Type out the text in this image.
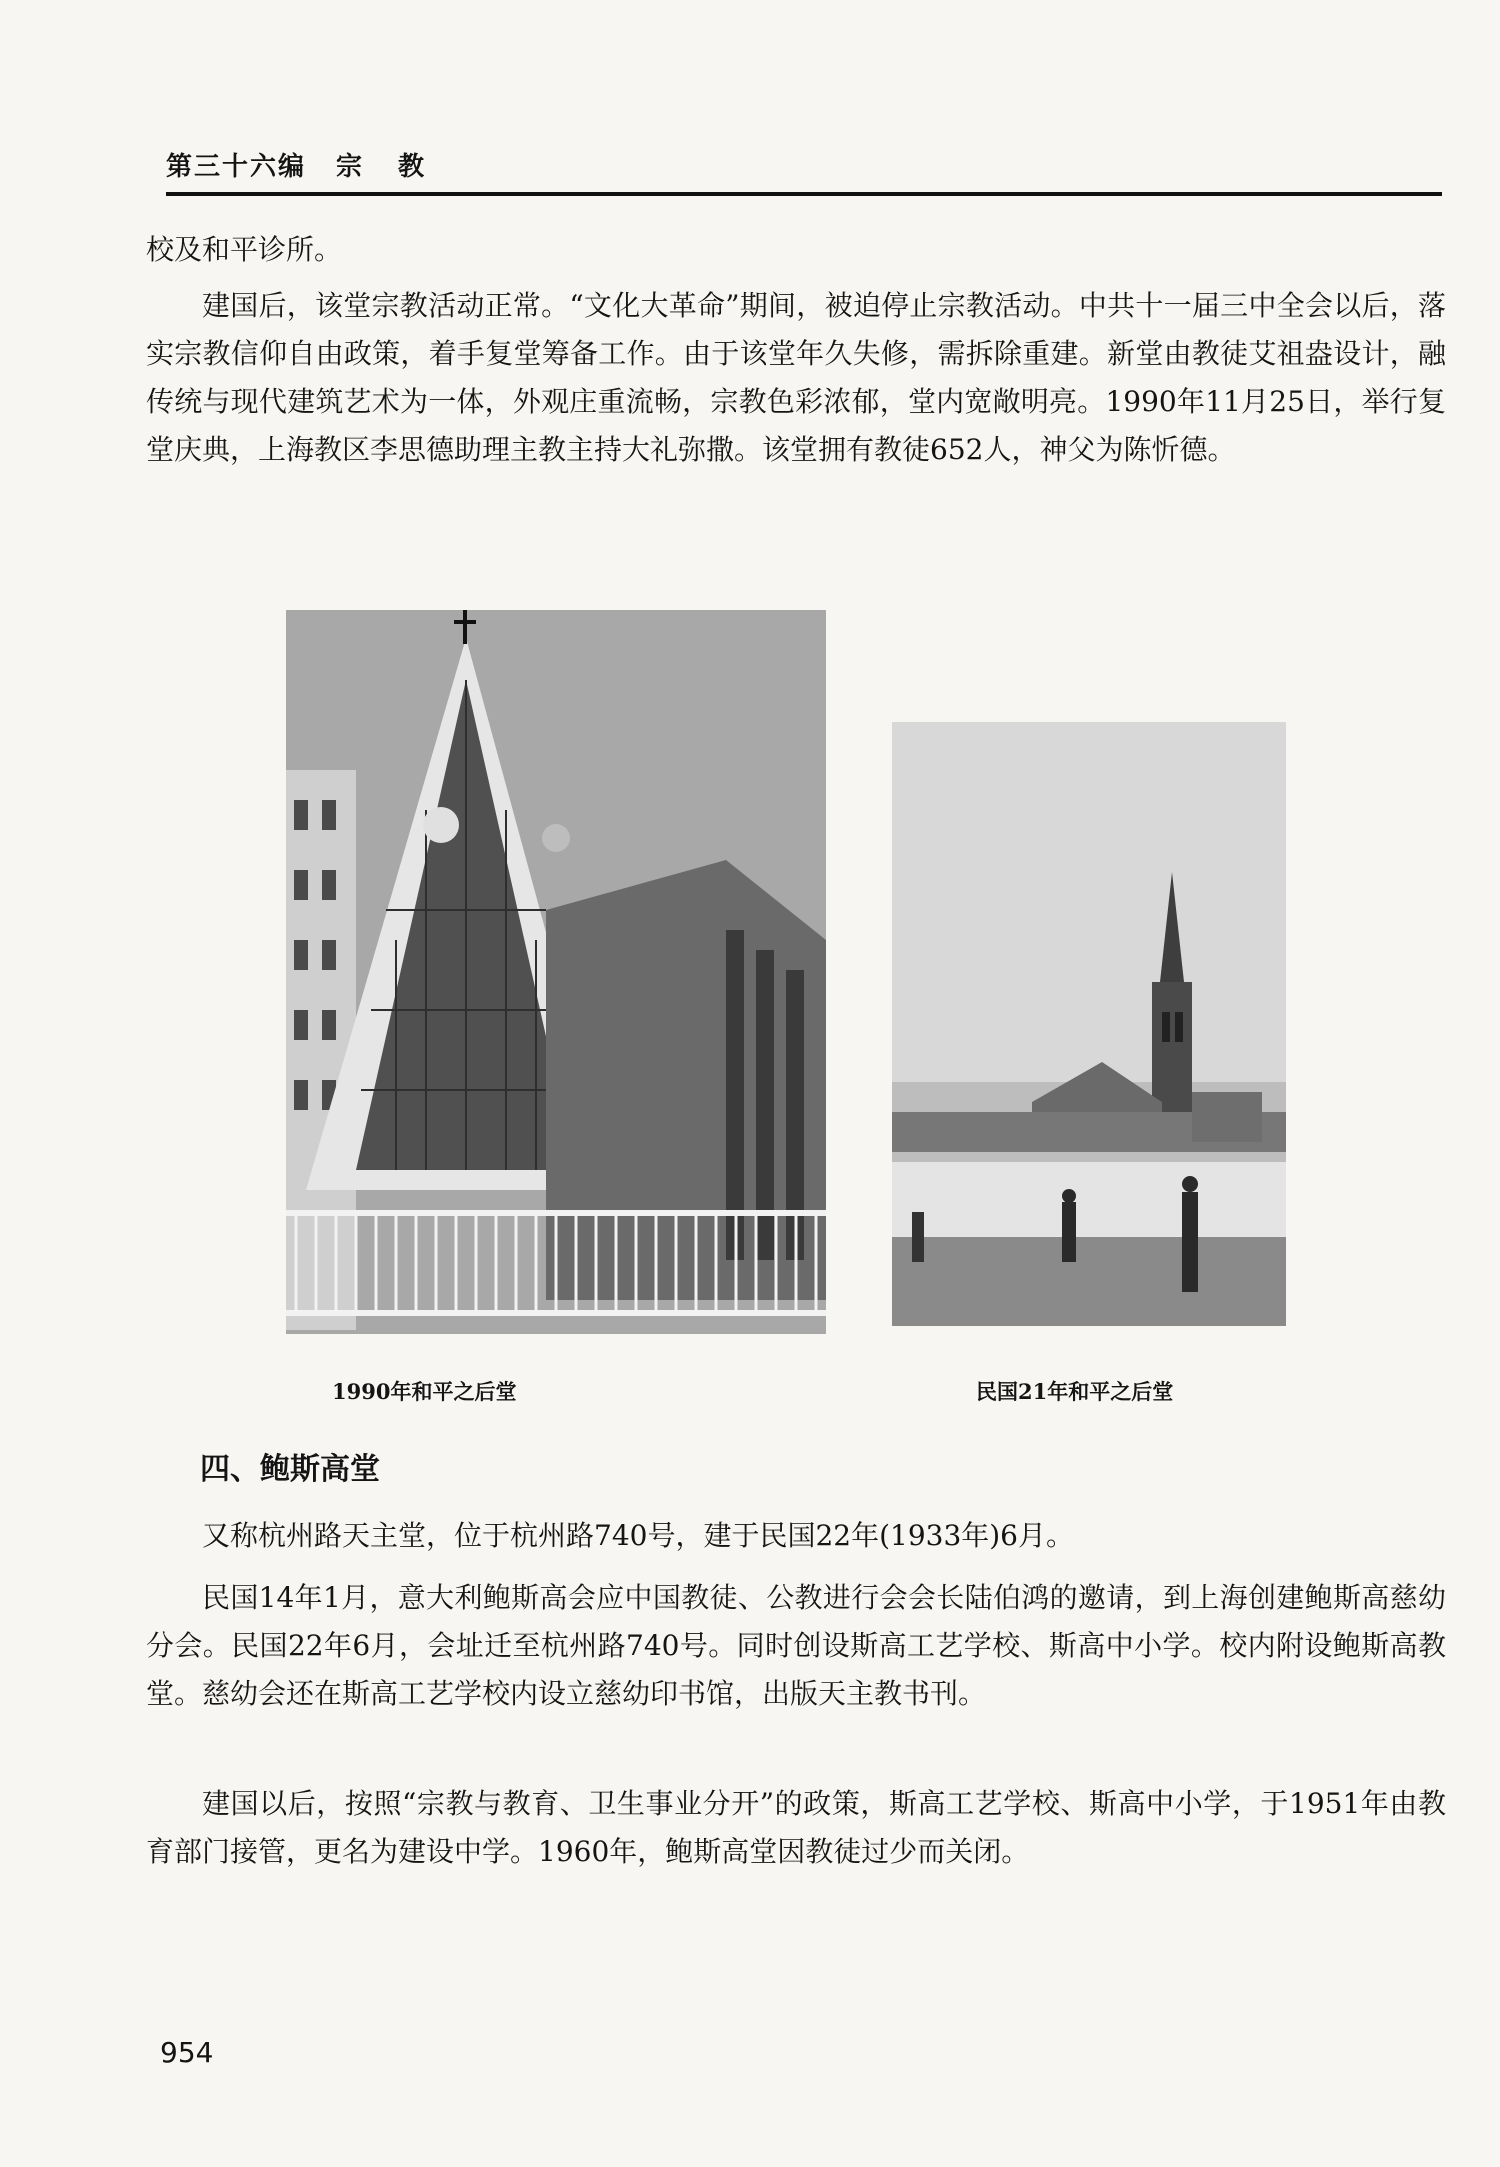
第三十六编 宗教

校及和平诊所。

建国后，该堂宗教活动正常。“文化大革命”期间，被迫停止宗教活动。中共十一届三中全会以后，落实宗教信仰自由政策，着手复堂筹备工作。由于该堂年久失修，需拆除重建。新堂由教徒艾祖盎设计，融传统与现代建筑艺术为一体，外观庄重流畅，宗教色彩浓郁，堂内宽敞明亮。1990年11月25日，举行复堂庆典，上海教区李思德助理主教主持大礼弥撒。该堂拥有教徒652人，神父为陈忻德。

1990年和平之后堂	民国21年和平之后堂
四、鲍斯高堂

又称杭州路天主堂，位于杭州路740号，建于民国22年(1933年)6月。

民国14年1月，意大利鲍斯高会应中国教徒、公教进行会会长陆伯鸿的邀请，到上海创建鲍斯高慈幼分会。民国22年6月，会址迁至杭州路740号。同时创设斯高工艺学校、斯高中小学。校内附设鲍斯高教堂。慈幼会还在斯高工艺学校内设立慈幼印书馆，出版天主教书刊。

建国以后，按照“宗教与教育、卫生事业分开”的政策，斯高工艺学校、斯高中小学，于1951年由教育部门接管，更名为建设中学。1960年，鲍斯高堂因教徒过少而关闭。

954
